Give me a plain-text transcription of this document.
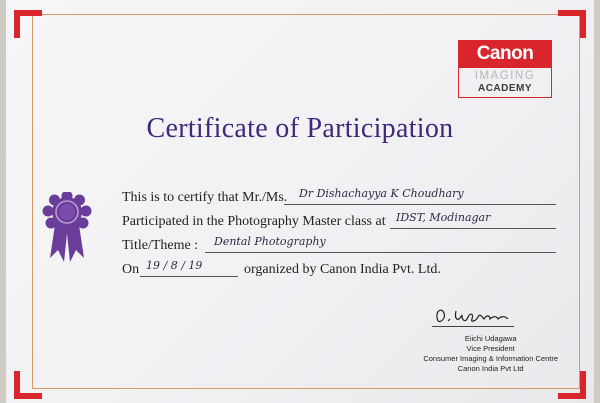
Canon
IMAGING
ACADEMY
Certificate of Participation
This is to certify that Mr./Ms. Dr Dishachayya K Choudhary
Participated in the Photography Master class at IDST, Modinagar
Title/Theme : Dental Photography
On 19 / 8 / 19	organized by Canon India Pvt. Ltd.
Eiichi Udagawa
Vice President
Consumer Imaging & Information Centre
Canon India Pvt Ltd
